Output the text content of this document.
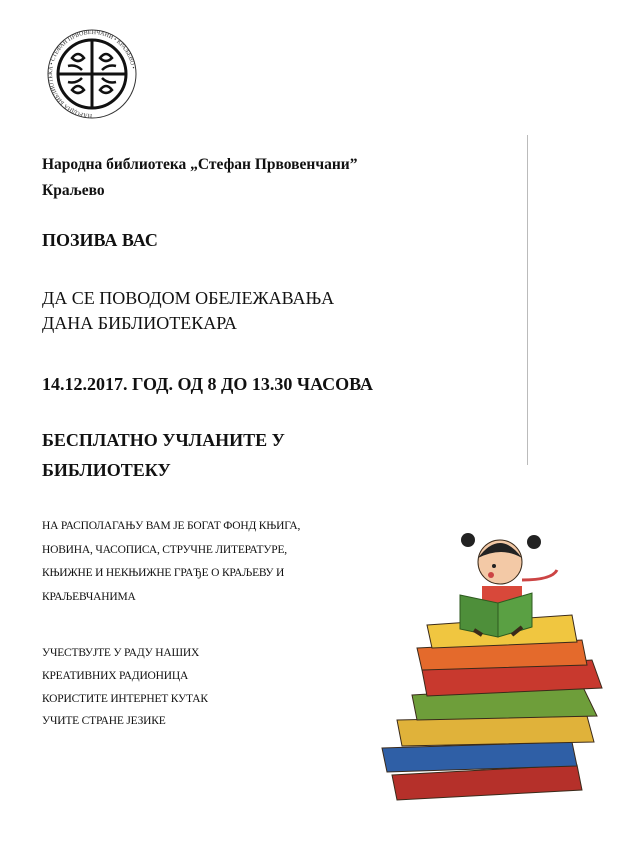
НАРОДНА БИБЛИОТЕКА • СТЕФАН ПРВОВЕНЧАНИ • КРАЉЕВО •
Народна библиотека „Стефан Првовенчани”
Краљево
ПОЗИВА ВАС
ДА СЕ ПОВОДОМ ОБЕЛЕЖАВАЊА
ДАНА БИБЛИОТЕКАРА
14.12.2017. ГОД. ОД 8 ДО 13.30 ЧАСОВА
БЕСПЛАТНО УЧЛАНИТЕ У
БИБЛИОТЕКУ
НА РАСПОЛАГАЊУ ВАМ ЈЕ БОГАТ ФОНД КЊИГА,
НОВИНА, ЧАСОПИСА, СТРУЧНЕ ЛИТЕРАТУРЕ,
КЊИЖНЕ И НЕКЊИЖНЕ ГРАЂЕ О КРАЉЕВУ И
КРАЉЕВЧАНИМА
УЧЕСТВУЈТЕ У РАДУ НАШИХ
КРЕАТИВНИХ РАДИОНИЦА
КОРИСТИТЕ ИНТЕРНЕТ КУТАК
УЧИТЕ СТРАНЕ ЈЕЗИКЕ
